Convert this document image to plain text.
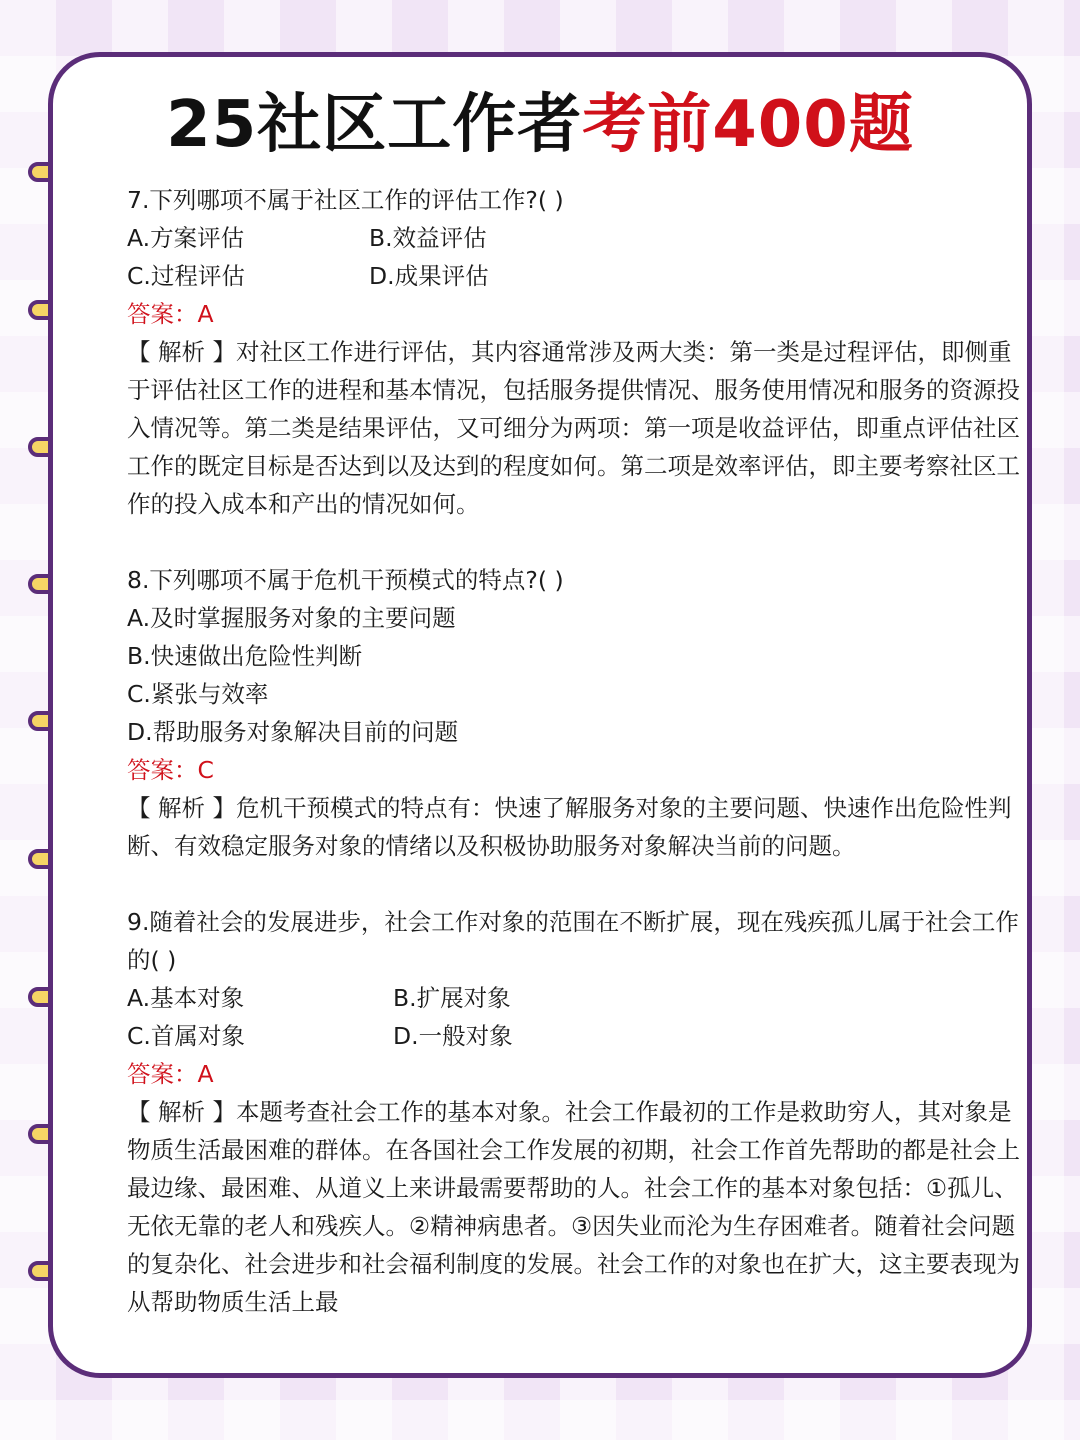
25社区工作者考前400题

7.下列哪项不属于社区工作的评估工作?( )

A.方案评估	B.效益评估

C.过程评估	D.成果评估

答案：A

【 解析 】对社区工作进行评估，其内容通常涉及两大类：第一类是过程评估，即侧重于评估社区工作的进程和基本情况，包括服务提供情况、服务使用情况和服务的资源投入情况等。第二类是结果评估，又可细分为两项：第一项是收益评估，即重点评估社区工作的既定目标是否达到以及达到的程度如何。第二项是效率评估，即主要考察社区工作的投入成本和产出的情况如何。

8.下列哪项不属于危机干预模式的特点?( )

A.及时掌握服务对象的主要问题

B.快速做出危险性判断

C.紧张与效率

D.帮助服务对象解决目前的问题

答案：C

【 解析 】危机干预模式的特点有：快速了解服务对象的主要问题、快速作出危险性判断、有效稳定服务对象的情绪以及积极协助服务对象解决当前的问题。

9.随着社会的发展进步，社会工作对象的范围在不断扩展，现在残疾孤儿属于社会工作的( )

A.基本对象	B.扩展对象

C.首属对象	D.一般对象

答案：A

【 解析 】本题考查社会工作的基本对象。社会工作最初的工作是救助穷人，其对象是物质生活最困难的群体。在各国社会工作发展的初期，社会工作首先帮助的都是社会上最边缘、最困难、从道义上来讲最需要帮助的人。社会工作的基本对象包括：①孤儿、无依无靠的老人和残疾人。②精神病患者。③因失业而沦为生存困难者。随着社会问题的复杂化、社会进步和社会福利制度的发展。社会工作的对象也在扩大，这主要表现为从帮助物质生活上最
